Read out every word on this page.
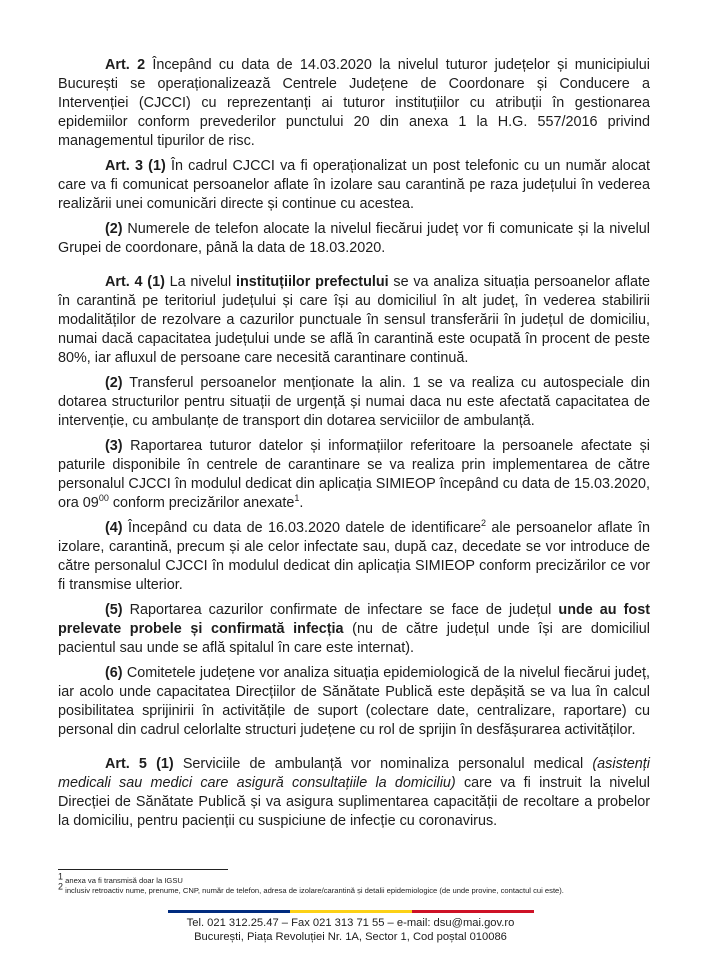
Art. 2 Începând cu data de 14.03.2020 la nivelul tuturor județelor și municipiului București se operaționalizează Centrele Județene de Coordonare și Conducere a Intervenției (CJCCI) cu reprezentanți ai tuturor instituțiilor cu atribuții în gestionarea epidemiilor conform prevederilor punctului 20 din anexa 1 la H.G. 557/2016 privind managementul tipurilor de risc.

Art. 3 (1) În cadrul CJCCI va fi operaționalizat un post telefonic cu un număr alocat care va fi comunicat persoanelor aflate în izolare sau carantină pe raza județului în vederea realizării unei comunicări directe și continue cu acestea.

(2) Numerele de telefon alocate la nivelul fiecărui județ vor fi comunicate și la nivelul Grupei de coordonare, până la data de 18.03.2020.

Art. 4 (1) La nivelul instituțiilor prefectului se va analiza situația persoanelor aflate în carantină pe teritoriul județului și care își au domiciliul în alt județ, în vederea stabilirii modalităților de rezolvare a cazurilor punctuale în sensul transferării în județul de domiciliu, numai dacă capacitatea județului unde se află în carantină este ocupată în procent de peste 80%, iar afluxul de persoane care necesită carantinare continuă.

(2) Transferul persoanelor menționate la alin. 1 se va realiza cu autospeciale din dotarea structurilor pentru situații de urgență și numai daca nu este afectată capacitatea de intervenție, cu ambulanțe de transport din dotarea serviciilor de ambulanță.

(3) Raportarea tuturor datelor și informațiilor referitoare la persoanele afectate și paturile disponibile în centrele de carantinare se va realiza prin implementarea de către personalul CJCCI în modulul dedicat din aplicația SIMIEOP începând cu data de 15.03.2020, ora $09^{00}$ conform precizărilor anexate$^1$.

(4) Începând cu data de 16.03.2020 datele de identificare$^2$ ale persoanelor aflate în izolare, carantină, precum și ale celor infectate sau, după caz, decedate se vor introduce de către personalul CJCCI în modulul dedicat din aplicația SIMIEOP conform precizărilor ce vor fi transmise ulterior.

(5) Raportarea cazurilor confirmate de infectare se face de județul unde au fost prelevate probele și confirmată infecția (nu de către județul unde își are domiciliul pacientul sau unde se află spitalul în care este internat).

(6) Comitetele județene vor analiza situația epidemiologică de la nivelul fiecărui județ, iar acolo unde capacitatea Direcțiilor de Sănătate Publică este depășită se va lua în calcul posibilitatea sprijinirii în activitățile de suport (colectare date, centralizare, raportare) cu personal din cadrul celorlalte structuri județene cu rol de sprijin în desfășurarea activităților.

Art. 5 (1) Serviciile de ambulanță vor nominaliza personalul medical (asistenți medicali sau medici care asigură consultațiile la domiciliu) care va fi instruit la nivelul Direcției de Sănătate Publică și va asigura suplimentarea capacității de recoltare a probelor la domiciliu, pentru pacienții cu suspiciune de infecție cu coronavirus.

$^1$ anexa va fi transmisă doar la IGSU

$^2$ inclusiv retroactiv nume, prenume, CNP, număr de telefon, adresa de izolare/carantină și detalii epidemiologice (de unde provine, contactul cui este).

Tel. 021 312.25.47 – Fax 021 313 71 55 – e-mail: dsu@mai.gov.ro
București, Piața Revoluției Nr. 1A, Sector 1, Cod poștal 010086
